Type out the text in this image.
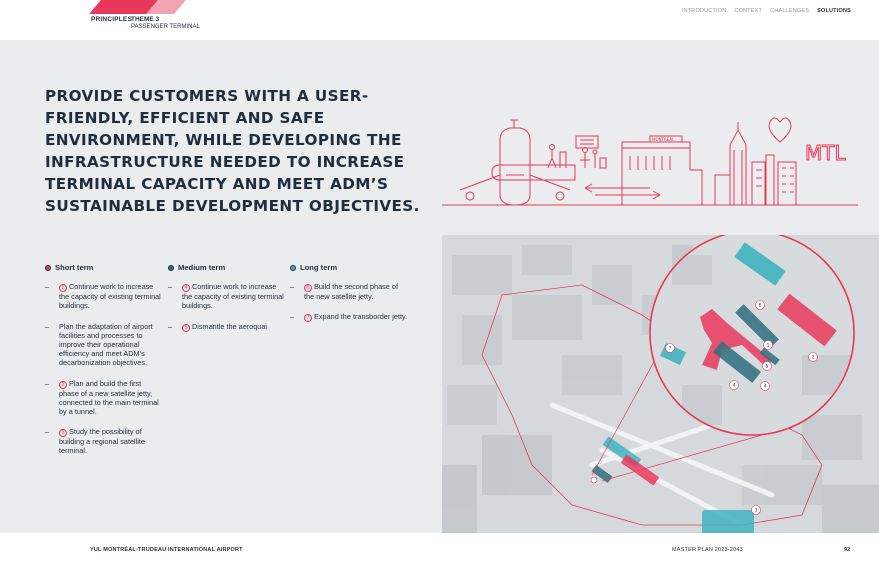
PRINCIPLES
THEME 3
PASSENGER TERMINAL
INTRODUCTION CONTEXT CHALLENGES SOLUTIONS
PROVIDE CUSTOMERS WITH A USER-FRIENDLY, EFFICIENT AND SAFE ENVIRONMENT, WHILE DEVELOPING THE INFRASTRUCTURE NEEDED TO INCREASE TERMINAL CAPACITY AND MEET ADM’S SUSTAINABLE DEVELOPMENT OBJECTIVES.
MTL
MONTREAL
Short term
– 1 Continue work to increase the capacity of existing terminal buildings.
– Plan the adaptation of airport facilities and processes to improve their operational efficiency and meet ADM’s decarbonization objectives.
– 2 Plan and build the first phase of a new satellite jetty, connected to the main terminal by a tunnel.
– 3 Study the possibility of building a regional satellite terminal.
Medium term
– 4 Continue work to increase the capacity of existing terminal buildings.
– 5 Dismantle the aeroquai
Long term
– 6 Build the second phase of the new satellite jetty.
– 7 Expand the transborder jetty.
6
2
7
5
4	4
1
3
YUL MONTRÉAL-TRUDEAU INTERNATIONAL AIRPORT	MASTER PLAN 2023-2043	92
